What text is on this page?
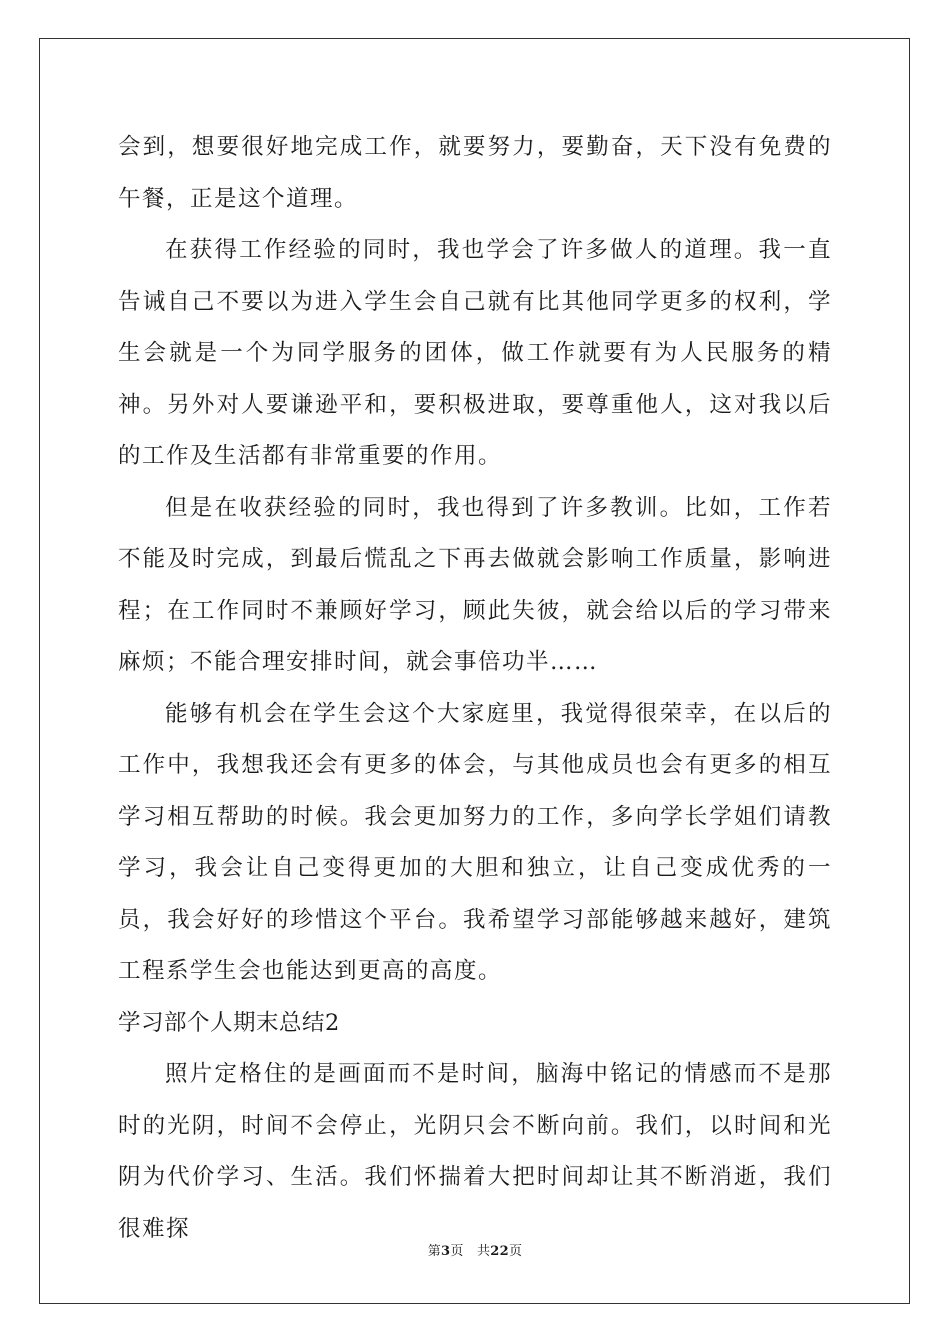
会到，想要很好地完成工作，就要努力，要勤奋，天下没有免费的午餐，正是这个道理。

在获得工作经验的同时，我也学会了许多做人的道理。我一直告诫自己不要以为进入学生会自己就有比其他同学更多的权利，学生会就是一个为同学服务的团体，做工作就要有为人民服务的精神。另外对人要谦逊平和，要积极进取，要尊重他人，这对我以后的工作及生活都有非常重要的作用。

但是在收获经验的同时，我也得到了许多教训。比如，工作若不能及时完成，到最后慌乱之下再去做就会影响工作质量，影响进程；在工作同时不兼顾好学习，顾此失彼，就会给以后的学习带来麻烦；不能合理安排时间，就会事倍功半……

能够有机会在学生会这个大家庭里，我觉得很荣幸，在以后的工作中，我想我还会有更多的体会，与其他成员也会有更多的相互学习相互帮助的时候。我会更加努力的工作，多向学长学姐们请教学习，我会让自己变得更加的大胆和独立，让自己变成优秀的一员，我会好好的珍惜这个平台。我希望学习部能够越来越好，建筑工程系学生会也能达到更高的高度。

学习部个人期末总结2

照片定格住的是画面而不是时间，脑海中铭记的情感而不是那时的光阴，时间不会停止，光阴只会不断向前。我们，以时间和光阴为代价学习、生活。我们怀揣着大把时间却让其不断消逝，我们很难探

第3页 共22页
